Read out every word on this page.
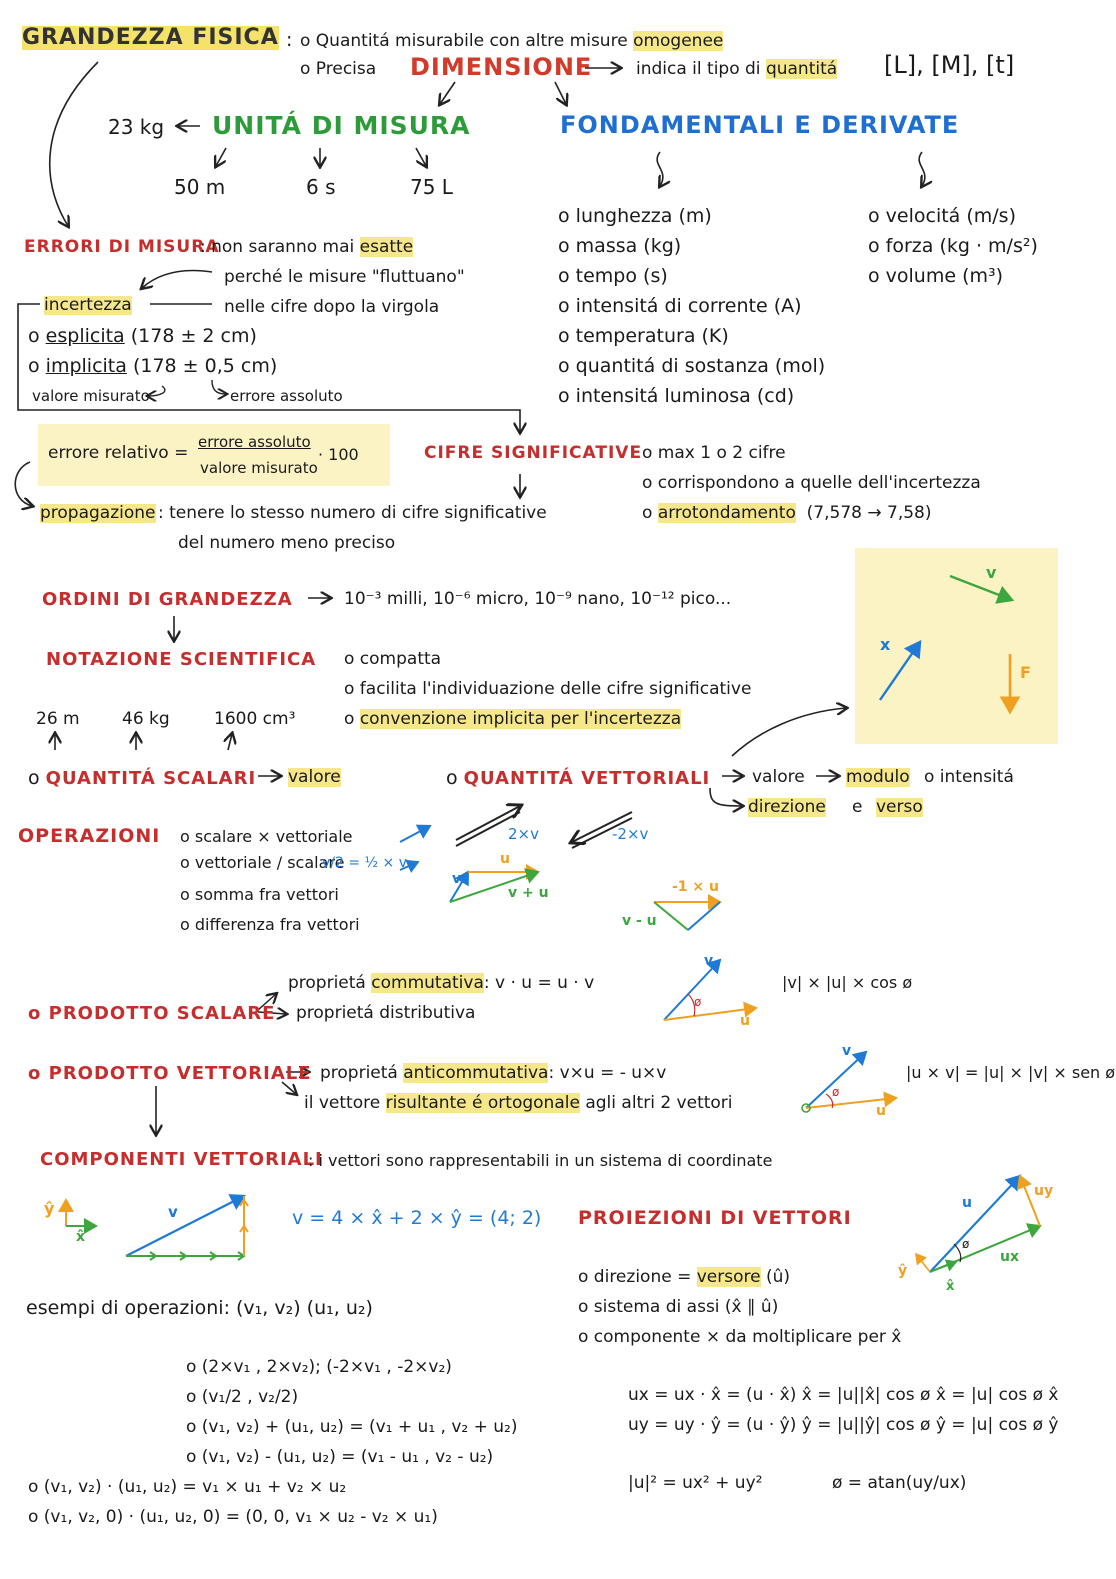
GRANDEZZA FISICA : o Quantitá misurabile con altre misure omogenee
o Precisa DIMENSIONE	indica il tipo di quantitá [L], [M], [t]
23 kg UNITÁ DI MISURA
50 m	6 s	75 L
FONDAMENTALI E DERIVATE
o lunghezza (m)
o massa (kg)
o tempo (s)
o intensitá di corrente (A)
o temperatura (K)
o quantitá di sostanza (mol)
o intensitá luminosa (cd)
o velocitá (m/s)
o forza (kg · m/s²)
o volume (m³)
ERRORI DI MISURA
: non saranno mai esatte
perché le misure "fluttuano"
nelle cifre dopo la virgola
incertezza
o esplicita (178 ± 2 cm)
o implicita (178 ± 0,5 cm)
valore misurato	errore assoluto
errore relativo =
errore assoluto
valore misurato
· 100
propagazione : tenere lo stesso numero di cifre significative
del numero meno preciso
CIFRE SIGNIFICATIVE o max 1 o 2 cifre
o corrispondono a quelle dell'incertezza
o arrotondamento (7,578 → 7,58)
ORDINI DI GRANDEZZA	10⁻³ milli, 10⁻⁶ micro, 10⁻⁹ nano, 10⁻¹² pico...
NOTAZIONE SCIENTIFICA o compatta
o facilita l'individuazione delle cifre significative
o convenzione implicita per l'incertezza
26 m 46 kg	1600 cm³
o QUANTITÁ SCALARI valore	o QUANTITÁ VETTORIALI valore modulo o intensitá
direzione e verso
x
v
F
OPERAZIONI o scalare × vettoriale
o vettoriale / scalare
o somma fra vettori
o differenza fra vettori
v/2 = ½ × v
2×v	-2×v
u
v
v + u
v - u
-1 × u
o PRODOTTO SCALARE
proprietá commutativa: v · u = u · v
proprietá distributiva
|v| × |u| × cos ø
v
u
ø
o PRODOTTO VETTORIALE proprietá anticommutativa: v×u = - u×v
il vettore risultante é ortogonale agli altri 2 vettori
|u × v| = |u| × |v| × sen ø
v
u
ø
COMPONENTI VETTORIALI
: i vettori sono rappresentabili in un sistema di coordinate
ŷ
x̂
v	v = 4 × x̂ + 2 × ŷ = (4; 2) PROIEZIONI DI VETTORI
o direzione = versore (û)
o sistema di assi (x̂ ∥ û)
o componente × da moltiplicare per x̂
ux = ux · x̂ = (u · x̂) x̂ = |u||x̂| cos ø x̂ = |u| cos ø x̂
uy = uy · ŷ = (u · ŷ) ŷ = |u||ŷ| cos ø ŷ = |u| cos ø ŷ
|u|² = ux² + uy²	ø = atan(uy/ux)
u
uy
ux
ŷ
x̂
ø
esempi di operazioni: (v₁, v₂) (u₁, u₂)
o (2×v₁ , 2×v₂); (-2×v₁ , -2×v₂)
o (v₁/2 , v₂/2)
o (v₁, v₂) + (u₁, u₂) = (v₁ + u₁ , v₂ + u₂)
o (v₁, v₂) - (u₁, u₂) = (v₁ - u₁ , v₂ - u₂)
o (v₁, v₂) · (u₁, u₂) = v₁ × u₁ + v₂ × u₂
o (v₁, v₂, 0) · (u₁, u₂, 0) = (0, 0, v₁ × u₂ - v₂ × u₁)
